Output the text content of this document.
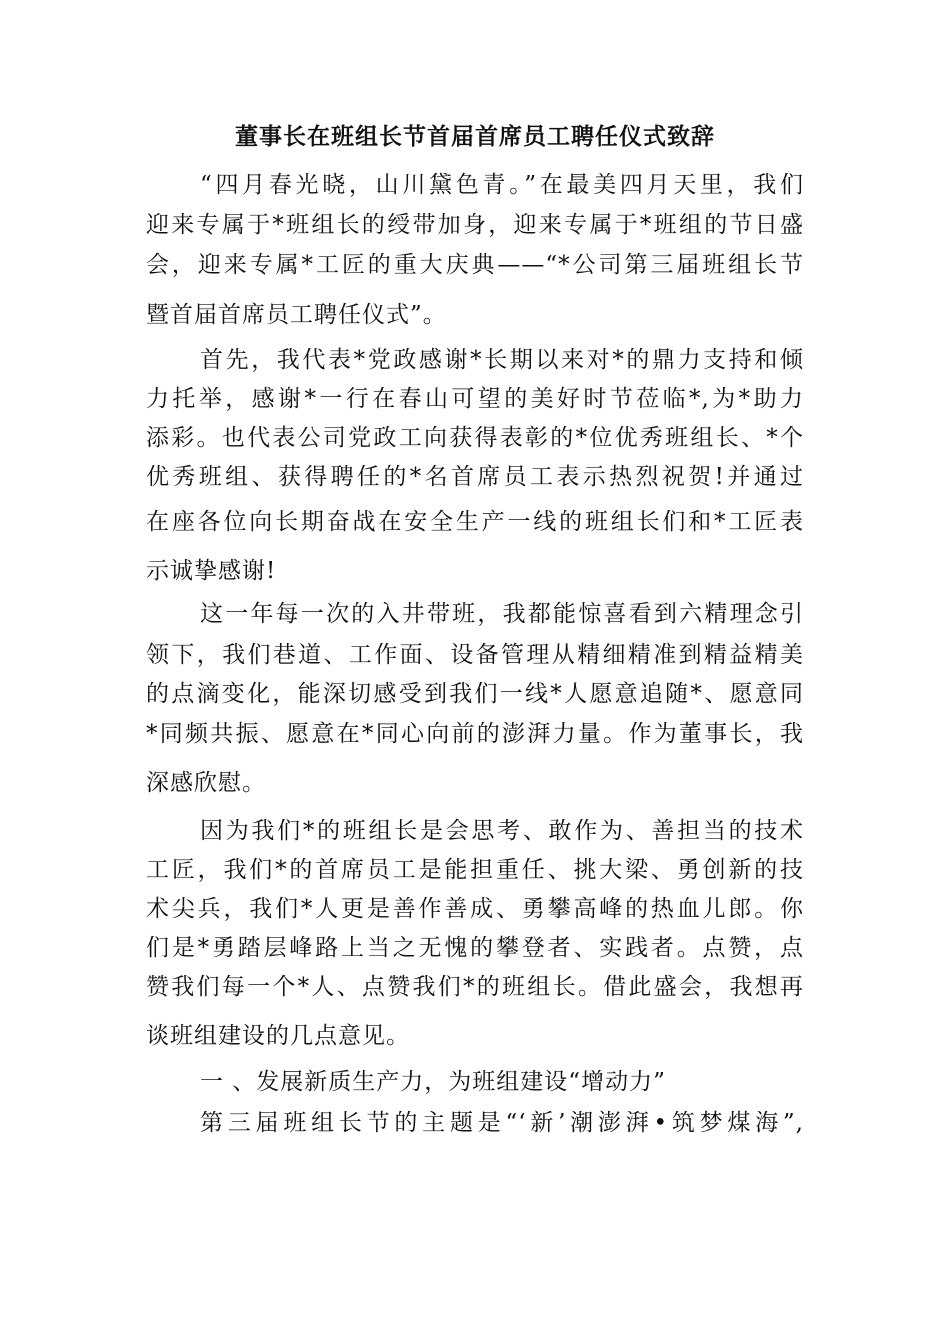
董事长在班组长节首届首席员工聘任仪式致辞
“四月春光晓，山川黛色青。”在最美四月天里，我们
迎来专属于*班组长的绶带加身，迎来专属于*班组的节日盛
会，迎来专属*工匠的重大庆典——“*公司第三届班组长节
暨首届首席员工聘任仪式”。
首先，我代表*党政感谢*长期以来对*的鼎力支持和倾
力托举，感谢*一行在春山可望的美好时节莅临*,为*助力
添彩。也代表公司党政工向获得表彰的*位优秀班组长、*个
优秀班组、获得聘任的*名首席员工表示热烈祝贺!并通过
在座各位向长期奋战在安全生产一线的班组长们和*工匠表
示诚挚感谢!
这一年每一次的入井带班，我都能惊喜看到六精理念引
领下，我们巷道、工作面、设备管理从精细精准到精益精美
的点滴变化，能深切感受到我们一线*人愿意追随*、愿意同
*同频共振、愿意在*同心向前的澎湃力量。作为董事长，我
深感欣慰。
因为我们*的班组长是会思考、敢作为、善担当的技术
工匠，我们*的首席员工是能担重任、挑大梁、勇创新的技
术尖兵，我们*人更是善作善成、勇攀高峰的热血儿郎。你
们是*勇踏层峰路上当之无愧的攀登者、实践者。点赞，点
赞我们每一个*人、点赞我们*的班组长。借此盛会，我想再
谈班组建设的几点意见。
一 、发展新质生产力，为班组建设“增动力”
第三届班组长节的主题是“‘新’潮澎湃•筑梦煤海”,
